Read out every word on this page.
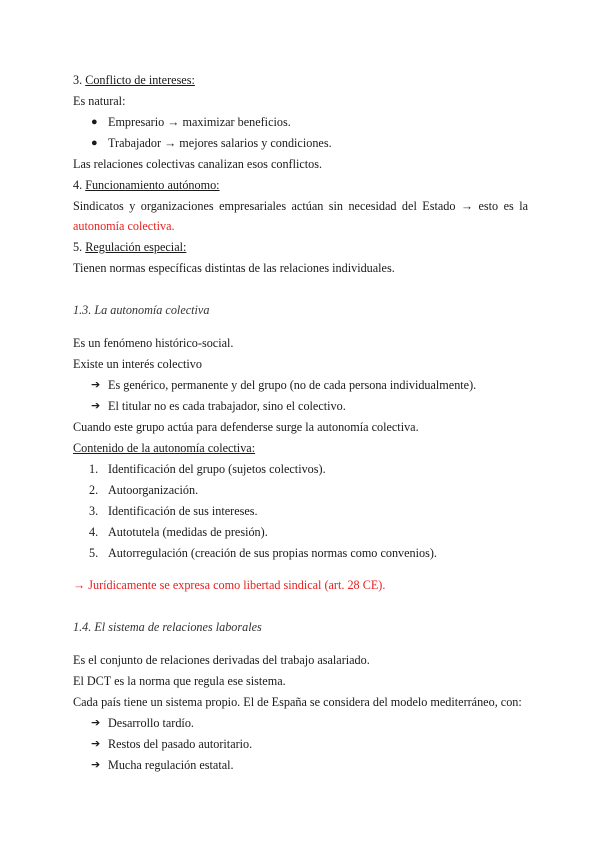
3. Conflicto de intereses:
Es natural:
● Empresario → maximizar beneficios.
● Trabajador → mejores salarios y condiciones.
Las relaciones colectivas canalizan esos conflictos.
4. Funcionamiento autónomo:
Sindicatos y organizaciones empresariales actúan sin necesidad del Estado → esto es la
autonomía colectiva.
5. Regulación especial:
Tienen normas específicas distintas de las relaciones individuales.
1.3. La autonomía colectiva
Es un fenómeno histórico-social.
Existe un interés colectivo
➔ Es genérico, permanente y del grupo (no de cada persona individualmente).
➔ El titular no es cada trabajador, sino el colectivo.
Cuando este grupo actúa para defenderse surge la autonomía colectiva.
Contenido de la autonomía colectiva:
1. Identificación del grupo (sujetos colectivos).
2. Autoorganización.
3. Identificación de sus intereses.
4. Autotutela (medidas de presión).
5. Autorregulación (creación de sus propias normas como convenios).
→ Jurídicamente se expresa como libertad sindical (art. 28 CE).
1.4. El sistema de relaciones laborales
Es el conjunto de relaciones derivadas del trabajo asalariado.
El DCT es la norma que regula ese sistema.
Cada país tiene un sistema propio. El de España se considera del modelo mediterráneo, con:
➔ Desarrollo tardío.
➔ Restos del pasado autoritario.
➔ Mucha regulación estatal.
